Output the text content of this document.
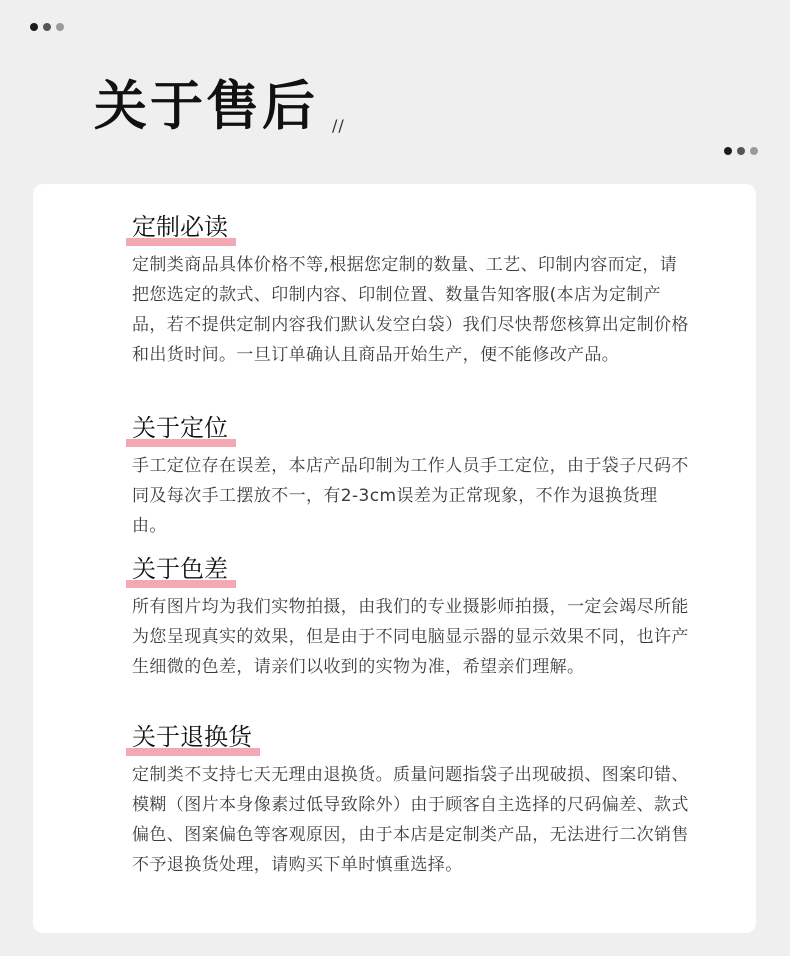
关于售后 //
定制必读

定制类商品具体价格不等,根据您定制的数量、工艺、印制内容而定，请把您选定的款式、印制内容、印制位置、数量告知客服(本店为定制产品，若不提供定制内容我们默认发空白袋）我们尽快帮您核算出定制价格和出货时间。一旦订单确认且商品开始生产，便不能修改产品。

关于定位

手工定位存在误差，本店产品印制为工作人员手工定位，由于袋子尺码不同及每次手工摆放不一，有2-3cm误差为正常现象，不作为退换货理由。

关于色差

所有图片均为我们实物拍摄，由我们的专业摄影师拍摄，一定会竭尽所能为您呈现真实的效果，但是由于不同电脑显示器的显示效果不同，也许产生细微的色差，请亲们以收到的实物为准，希望亲们理解。

关于退换货

定制类不支持七天无理由退换货。质量问题指袋子出现破损、图案印错、模糊（图片本身像素过低导致除外）由于顾客自主选择的尺码偏差、款式偏色、图案偏色等客观原因，由于本店是定制类产品，无法进行二次销售不予退换货处理，请购买下单时慎重选择。
